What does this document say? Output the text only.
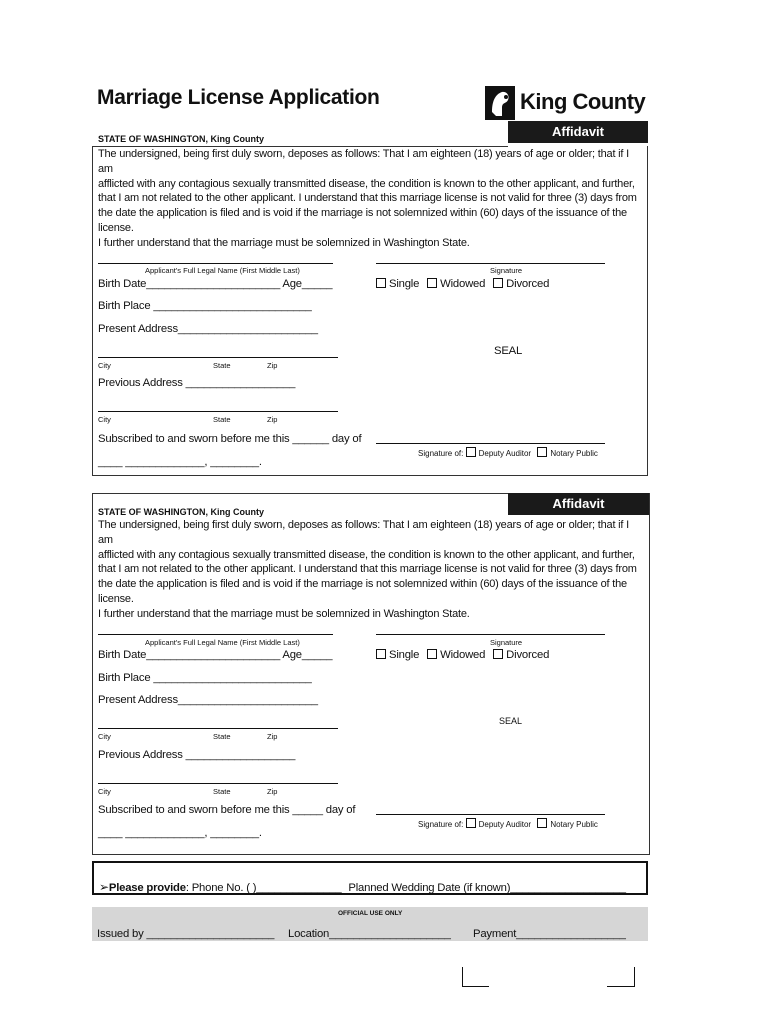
Marriage License Application	King County
Affidavit
STATE OF WASHINGTON, King County
The undersigned, being first duly sworn, deposes as follows: That I am eighteen (18) years of age or older; that if I am
afflicted with any contagious sexually transmitted disease, the condition is known to the other applicant, and further,
that I am not related to the other applicant. I understand that this marriage license is not valid for three (3) days from
the date the application is filed and is void if the marriage is not solemnized within (60) days of the issuance of the
license.
I further understand that the marriage must be solemnized in Washington State.
Applicant's Full Legal Name (First Middle Last)	Signature
Birth Date______________________ Age_____	Single Widowed Divorced
Birth Place __________________________
Present Address_______________________
SEAL
City	State	Zip
Previous Address __________________
City	State	Zip
Subscribed to and sworn before me this ______ day of
Signature of: Deputy Auditor Notary Public
____ _____________, ________.
Affidavit
STATE OF WASHINGTON, King County
The undersigned, being first duly sworn, deposes as follows: That I am eighteen (18) years of age or older; that if I am
afflicted with any contagious sexually transmitted disease, the condition is known to the other applicant, and further,
that I am not related to the other applicant. I understand that this marriage license is not valid for three (3) days from
the date the application is filed and is void if the marriage is not solemnized within (60) days of the issuance of the
license.
I further understand that the marriage must be solemnized in Washington State.
Applicant's Full Legal Name (First Middle Last)	Signature
Birth Date______________________ Age_____	Single Widowed Divorced
Birth Place __________________________
Present Address_______________________
SEAL
City	State	Zip
Previous Address __________________
City	State	Zip
Subscribed to and sworn before me this _____ day of
Signature of: Deputy Auditor Notary Public
____ _____________, ________.
➢Please provide: Phone No. ( )______________ Planned Wedding Date (if known)___________________
OFFICIAL USE ONLY
Issued by _____________________ Location____________________ Payment__________________
